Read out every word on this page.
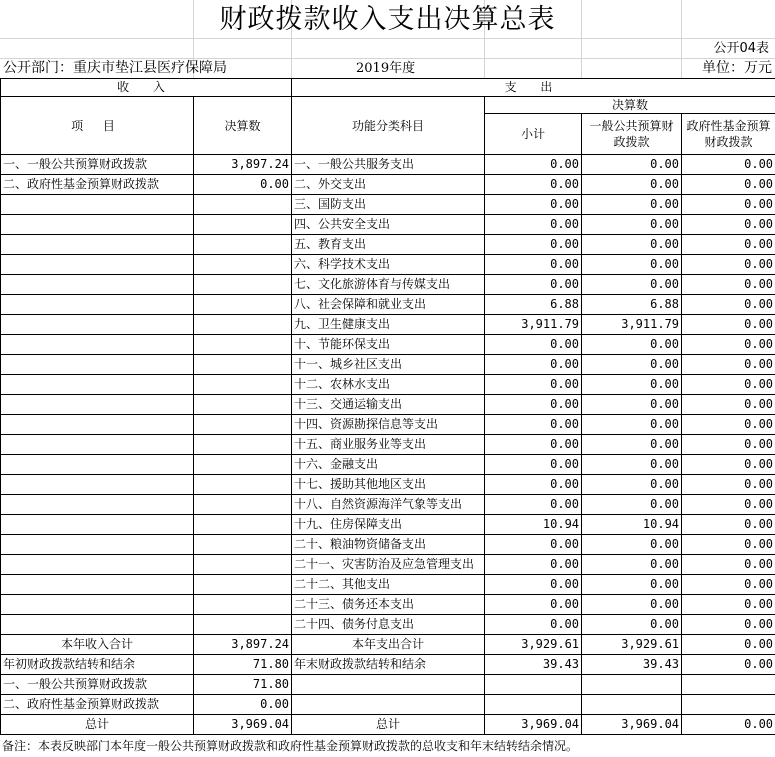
财政拨款收入支出决算总表
公开04表
公开部门：重庆市垫江县医疗保障局	2019年度	单位：万元
收 入		支 出			
项 目	决算数	功能分类科目	决算数		
			小计	一般公共预算财政拨款	政府性基金预算财政拨款
一、一般公共预算财政拨款	3,897.24	一、一般公共服务支出	0.00	0.00	0.00
二、政府性基金预算财政拨款	0.00	二、外交支出	0.00	0.00	0.00
		三、国防支出	0.00	0.00	0.00
		四、公共安全支出	0.00	0.00	0.00
		五、教育支出	0.00	0.00	0.00
		六、科学技术支出	0.00	0.00	0.00
		七、文化旅游体育与传媒支出	0.00	0.00	0.00
		八、社会保障和就业支出	6.88	6.88	0.00
		九、卫生健康支出	3,911.79	3,911.79	0.00
		十、节能环保支出	0.00	0.00	0.00
		十一、城乡社区支出	0.00	0.00	0.00
		十二、农林水支出	0.00	0.00	0.00
		十三、交通运输支出	0.00	0.00	0.00
		十四、资源勘探信息等支出	0.00	0.00	0.00
		十五、商业服务业等支出	0.00	0.00	0.00
		十六、金融支出	0.00	0.00	0.00
		十七、援助其他地区支出	0.00	0.00	0.00
		十八、自然资源海洋气象等支出	0.00	0.00	0.00
		十九、住房保障支出	10.94	10.94	0.00
		二十、粮油物资储备支出	0.00	0.00	0.00
		二十一、灾害防治及应急管理支出	0.00	0.00	0.00
		二十二、其他支出	0.00	0.00	0.00
		二十三、债务还本支出	0.00	0.00	0.00
		二十四、债务付息支出	0.00	0.00	0.00
本年收入合计	3,897.24	本年支出合计	3,929.61	3,929.61	0.00
年初财政拨款结转和结余	71.80	年末财政拨款结转和结余	39.43	39.43	0.00
一、一般公共预算财政拨款	71.80				
二、政府性基金预算财政拨款	0.00				
总计	3,969.04	总计	3,969.04	3,969.04	0.00
备注：本表反映部门本年度一般公共预算财政拨款和政府性基金预算财政拨款的总收支和年末结转结余情况。
